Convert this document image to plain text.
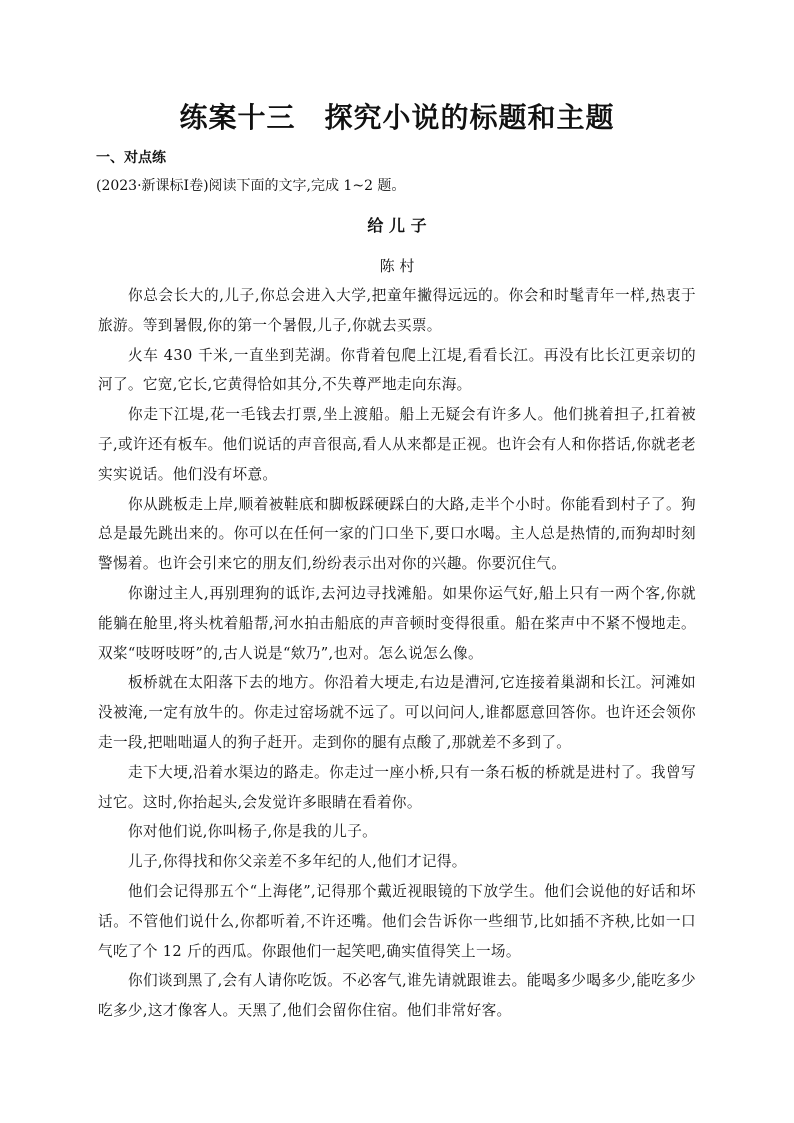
练案十三　探究小说的标题和主题
一、对点练
(2023·新课标Ⅰ卷)阅读下面的文字,完成 1~2 题。
给 儿 子
陈 村

你总会长大的,儿子,你总会进入大学,把童年撇得远远的。你会和时髦青年一样,热衷于旅游。等到暑假,你的第一个暑假,儿子,你就去买票。

火车 430 千米,一直坐到芜湖。你背着包爬上江堤,看看长江。再没有比长江更亲切的河了。它宽,它长,它黄得恰如其分,不失尊严地走向东海。

你走下江堤,花一毛钱去打票,坐上渡船。船上无疑会有许多人。他们挑着担子,扛着被子,或许还有板车。他们说话的声音很高,看人从来都是正视。也许会有人和你搭话,你就老老实实说话。他们没有坏意。

你从跳板走上岸,顺着被鞋底和脚板踩硬踩白的大路,走半个小时。你能看到村子了。狗总是最先跳出来的。你可以在任何一家的门口坐下,要口水喝。主人总是热情的,而狗却时刻警惕着。也许会引来它的朋友们,纷纷表示出对你的兴趣。你要沉住气。

你谢过主人,再别理狗的诋诈,去河边寻找滩船。如果你运气好,船上只有一两个客,你就能躺在舱里,将头枕着船帮,河水拍击船底的声音顿时变得很重。船在桨声中不紧不慢地走。双桨“吱呀吱呀”的,古人说是“欸乃”,也对。怎么说怎么像。

板桥就在太阳落下去的地方。你沿着大埂走,右边是漕河,它连接着巢湖和长江。河滩如没被淹,一定有放牛的。你走过窑场就不远了。可以问问人,谁都愿意回答你。也许还会领你走一段,把咄咄逼人的狗子赶开。走到你的腿有点酸了,那就差不多到了。

走下大埂,沿着水渠边的路走。你走过一座小桥,只有一条石板的桥就是进村了。我曾写过它。这时,你抬起头,会发觉许多眼睛在看着你。

你对他们说,你叫杨子,你是我的儿子。

儿子,你得找和你父亲差不多年纪的人,他们才记得。

他们会记得那五个“上海佬”,记得那个戴近视眼镜的下放学生。他们会说他的好话和坏话。不管他们说什么,你都听着,不许还嘴。他们会告诉你一些细节,比如插不齐秧,比如一口气吃了个 12 斤的西瓜。你跟他们一起笑吧,确实值得笑上一场。

你们谈到黑了,会有人请你吃饭。不必客气,谁先请就跟谁去。能喝多少喝多少,能吃多少吃多少,这才像客人。天黑了,他们会留你住宿。他们非常好客。
